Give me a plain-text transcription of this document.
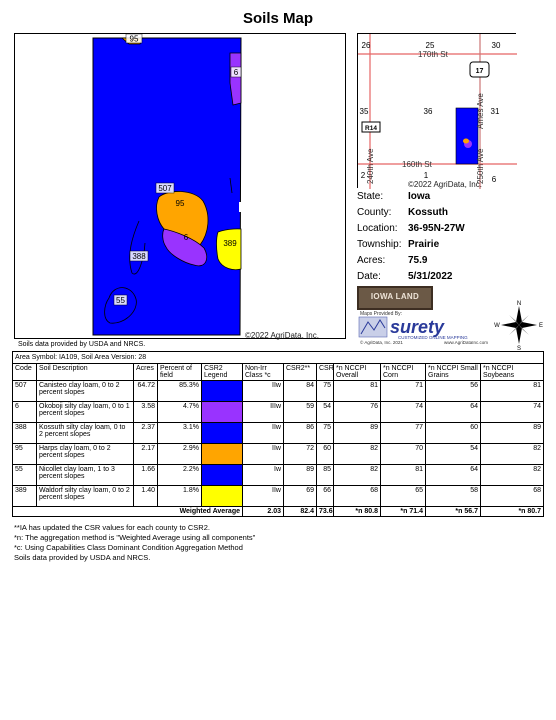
Soils Map
95
6
507
95
6
388
389
55
©2022 AgriData, Inc.
Soils data provided by USDA and NRCS.
17
R14
26	25	30
35	36	31
2	1	6
170th St
160th St
240th Ave	250th Ave
Ames Ave
©2022 AgriData, Inc.
State: Iowa
County: Kossuth
Location: 36-95N-27W
Township: Prairie
Acres: 75.9
Date:	5/31/2022
IOWA LAND
Maps Provided By:
surety
CUSTOMIZED ONLINE MAPPING
© AgriData, Inc. 2021	www.AgriDataInc.com
N
S
E
W
Area Symbol: IA109, Soil Area Version: 28											
Code	Soil Description	Acres	Percent of field	CSR2 Legend	Non-Irr Class *c	CSR2**	CSR	*n NCCPI Overall	*n NCCPI Corn	*n NCCPI Small Grains	*n NCCPI Soybeans
507	Canisteo clay loam, 0 to 2 percent slopes	64.72	85.3%		IIw	84	75	81	71	56	81
6	Okoboji silty clay loam, 0 to 1 percent slopes	3.58	4.7%		IIIw	59	54	76	74	64	74
388	Kossuth silty clay loam, 0 to 2 percent slopes	2.37	3.1%		IIw	86	75	89	77	60	89
95	Harps clay loam, 0 to 2 percent slopes	2.17	2.9%		IIw	72	60	82	70	54	82
55	Nicollet clay loam, 1 to 3 percent slopes	1.66	2.2%		Iw	89	85	82	81	64	82
389	Waldorf silty clay loam, 0 to 2 percent slopes	1.40	1.8%		IIw	69	66	68	65	58	68
Weighted Average					2.03	82.4	73.6	*n 80.8	*n 71.4	*n 56.7	*n 80.7
**IA has updated the CSR values for each county to CSR2.
*n: The aggregation method is "Weighted Average using all components"
*c: Using Capabilities Class Dominant Condition Aggregation Method
Soils data provided by USDA and NRCS.
